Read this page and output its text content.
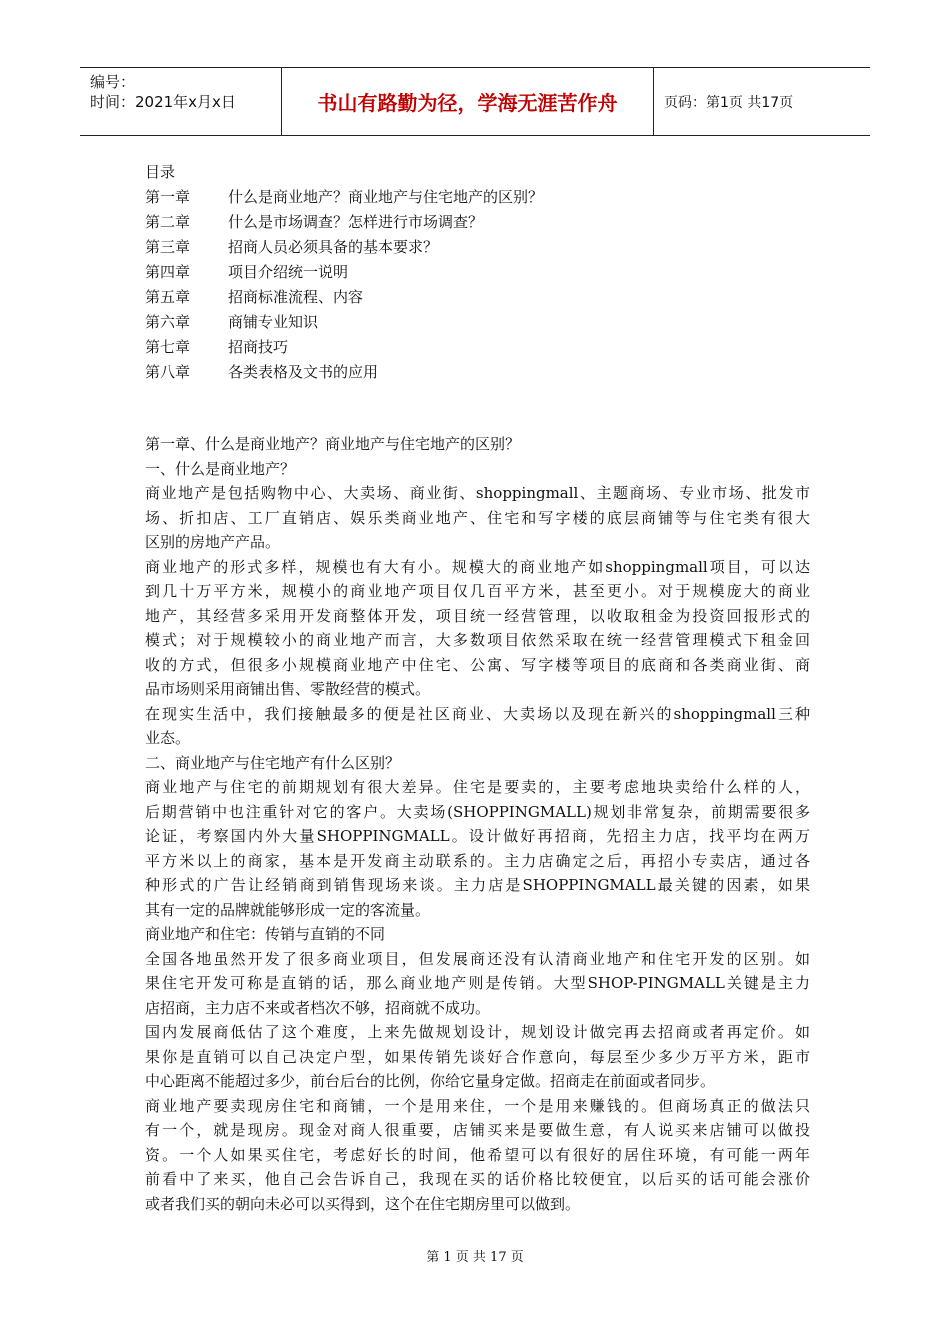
编号：
时间：2021年x月x日	书山有路勤为径，学海无涯苦作舟	页码：第1页 共17页
目录
第一章	什么是商业地产？商业地产与住宅地产的区别？
第二章	什么是市场调查？怎样进行市场调查？
第三章	招商人员必须具备的基本要求？
第四章	项目介绍统一说明
第五章	招商标准流程、内容
第六章	商铺专业知识
第七章	招商技巧
第八章	各类表格及文书的应用
第一章、什么是商业地产？商业地产与住宅地产的区别？
一、什么是商业地产？
商业地产是包括购物中心、大卖场、商业街、shoppingmall、主题商场、专业市场、批发市
场、折扣店、工厂直销店、娱乐类商业地产、住宅和写字楼的底层商铺等与住宅类有很大
区别的房地产产品。
商业地产的形式多样，规模也有大有小。规模大的商业地产如shoppingmall项目，可以达
到几十万平方米，规模小的商业地产项目仅几百平方米，甚至更小。对于规模庞大的商业
地产，其经营多采用开发商整体开发，项目统一经营管理，以收取租金为投资回报形式的
模式；对于规模较小的商业地产而言，大多数项目依然采取在统一经营管理模式下租金回
收的方式，但很多小规模商业地产中住宅、公寓、写字楼等项目的底商和各类商业街、商
品市场则采用商铺出售、零散经营的模式。
在现实生活中，我们接触最多的便是社区商业、大卖场以及现在新兴的shoppingmall三种
业态。
二、商业地产与住宅地产有什么区别？
商业地产与住宅的前期规划有很大差异。住宅是要卖的，主要考虑地块卖给什么样的人，
后期营销中也注重针对它的客户。大卖场(SHOPPINGMALL)规划非常复杂，前期需要很多
论证，考察国内外大量SHOPPINGMALL。设计做好再招商，先招主力店，找平均在两万
平方米以上的商家，基本是开发商主动联系的。主力店确定之后，再招小专卖店，通过各
种形式的广告让经销商到销售现场来谈。主力店是SHOPPINGMALL最关键的因素，如果
其有一定的品牌就能够形成一定的客流量。
商业地产和住宅：传销与直销的不同
全国各地虽然开发了很多商业项目，但发展商还没有认清商业地产和住宅开发的区别。如
果住宅开发可称是直销的话，那么商业地产则是传销。大型SHOP-PINGMALL关键是主力
店招商，主力店不来或者档次不够，招商就不成功。
国内发展商低估了这个难度，上来先做规划设计，规划设计做完再去招商或者再定价。如
果你是直销可以自己决定户型，如果传销先谈好合作意向，每层至少多少万平方米，距市
中心距离不能超过多少，前台后台的比例，你给它量身定做。招商走在前面或者同步。
商业地产要卖现房住宅和商铺，一个是用来住，一个是用来赚钱的。但商场真正的做法只
有一个，就是现房。现金对商人很重要，店铺买来是要做生意，有人说买来店铺可以做投
资。一个人如果买住宅，考虑好长的时间，他希望可以有很好的居住环境，有可能一两年
前看中了来买，他自己会告诉自己，我现在买的话价格比较便宜，以后买的话可能会涨价
或者我们买的朝向未必可以买得到，这个在住宅期房里可以做到。
第 1 页 共 17 页
